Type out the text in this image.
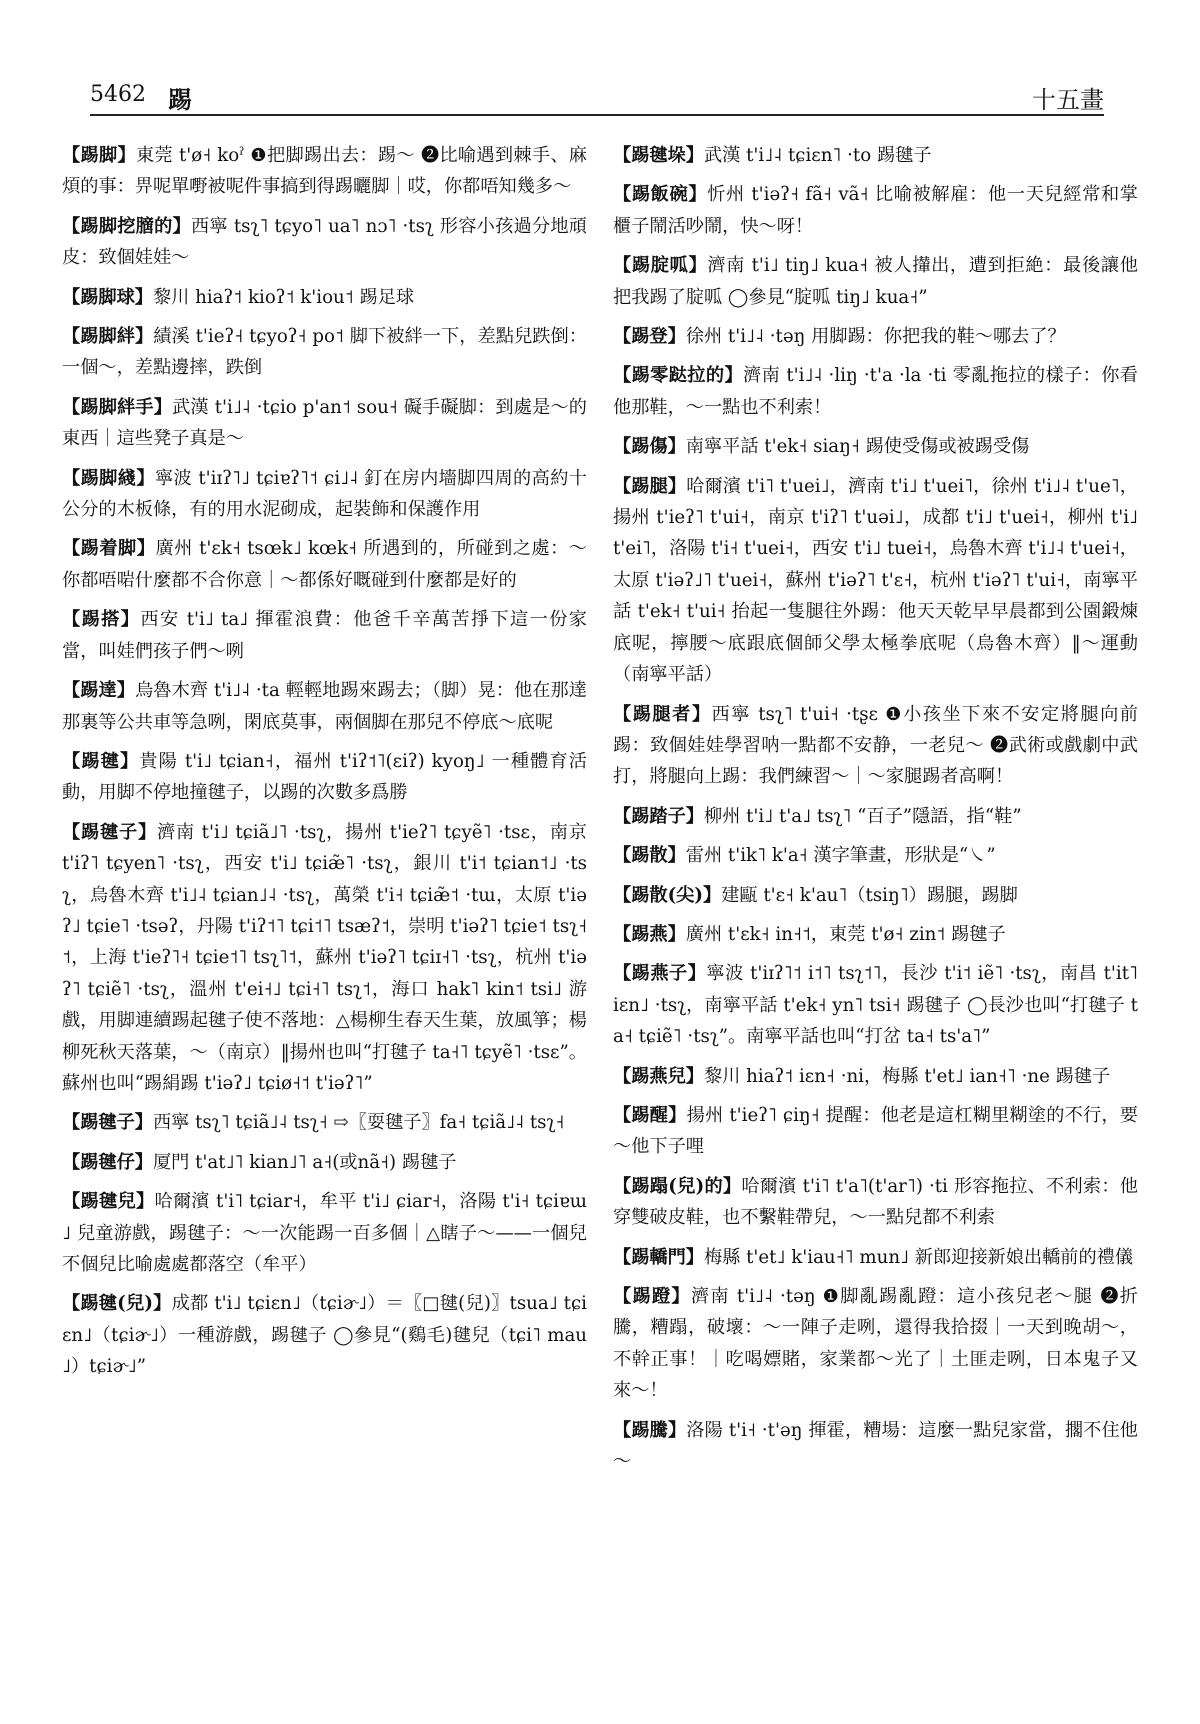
5462 踢	十五畫

【踢脚】東莞 t'ø˧ koˀ ❶把脚踢出去：踢～ ❷比喻遇到棘手、麻煩的事：畀呢單嘢被呢件事搞到得踢曬脚｜哎，你都唔知幾多～

【踢脚挖膪的】西寧 tsʅ˥ tɕyo˥ ua˥ nɔ˥ ·tsʅ 形容小孩過分地頑皮：致個娃娃～

【踢脚球】黎川 hiaʔ˦ kioʔ˦ k'iou˦ 踢足球

【踢脚絆】績溪 t'ieʔ˧ tɕyoʔ˧ po˦ 脚下被絆一下，差點兒跌倒：一個～，差點邊摔，跌倒

【踢脚絆手】武漢 t'i˩˨ ·tɕio p'an˦ sou˧ 礙手礙脚：到處是～的東西｜這些凳子真是～

【踢脚綫】寧波 t'iɪʔ˥˩ tɕiɐʔ˥˦ ɕi˩˨ 釘在房内墻脚四周的高約十公分的木板條，有的用水泥砌成，起裝飾和保護作用

【踢着脚】廣州 t'ɛk˧ tsœk˩ kœk˧ 所遇到的，所碰到之處：～你都唔啱什麼都不合你意｜～都係好嘅碰到什麼都是好的

【踢搭】西安 t'i˩ ta˩ 揮霍浪費：他爸千辛萬苦掙下這一份家當，叫娃們孩子們～咧

【踢達】烏魯木齊 t'i˩˨ ·ta 輕輕地踢來踢去；（脚）晃：他在那達那裏等公共車等急咧，閑底莫事，兩個脚在那兒不停底～底呢

【踢毽】貴陽 t'i˩ tɕian˧，福州 t'iʔ˦˥(ɛiʔ) kyoŋ˩ 一種體育活動，用脚不停地撞毽子，以踢的次數多爲勝

【踢毽子】濟南 t'i˩ tɕiã˩˥ ·tsʅ，揚州 t'ieʔ˥ tɕyẽ˥ ·tsɛ，南京 t'iʔ˥ tɕyen˥ ·tsʅ，西安 t'i˩ tɕiæ̃˥ ·tsʅ，銀川 t'i˦ tɕian˦˩ ·tsʅ，烏魯木齊 t'i˩˨ tɕian˩˨ ·tsʅ，萬榮 t'i˧ tɕiæ̃˦ ·tɯ，太原 t'iəʔ˩ tɕie˥ ·tsəʔ，丹陽 t'iʔ˦˥ tɕi˦˥ tsæʔ˦，崇明 t'iəʔ˥ tɕie˦ tsʅ˧˦，上海 t'ieʔ˥˧ tɕie˦˥ tsʅ˥˦，蘇州 t'iəʔ˥ tɕiɪ˧˥ ·tsʅ，杭州 t'iəʔ˥ tɕiẽ˥ ·tsʅ，溫州 t'ei˧˩ tɕi˧˥ tsʅ˦，海口 hak˥ kin˦ tsi˩ 游戲，用脚連續踢起毽子使不落地：△楊柳生春天生葉，放風箏；楊柳死秋天落葉，～（南京）‖揚州也叫“打毽子 ta˧˥ tɕyẽ˥ ·tsɛ”。蘇州也叫“踢絹踢 t'iəʔ˩ tɕiø˧˦ t'iəʔ˥”

【踢毽子】西寧 tsʅ˥ tɕiã˩˨ tsʅ˧ ⇨〖耍毽子〗fa˧ tɕiã˩˨ tsʅ˧

【踢毽仔】厦門 t'at˩˥ kian˩˥ a˧(或nã˧) 踢毽子

【踢毽兒】哈爾濱 t'i˥ tɕiar˧，牟平 t'i˩ ɕiar˧，洛陽 t'i˧ tɕiɐɯ˩ 兒童游戲，踢毽子：～一次能踢一百多個｜△瞎子～——一個兒不個兒比喻處處都落空（牟平）

【踢毽(兒)】成都 t'i˩ tɕiɛn˩（tɕiɚ˩）＝〖□毽(兒)〗tsua˩ tɕiɛn˩（tɕiɚ˩）一種游戲，踢毽子 ◯參見“(鷄毛)毽兒（tɕi˥ mau˩）tɕiɚ˩”

【踢毽垛】武漢 t'i˩˨ tɕiɛn˥ ·to 踢毽子

【踢飯碗】忻州 t'iəʔ˧ fã˧ vã˧ 比喻被解雇：他一天兒經常和掌櫃子鬧活吵鬧，快～呀！

【踢腚呱】濟南 t'i˩ tiŋ˩ kua˧ 被人攆出，遭到拒絶：最後讓他把我踢了腚呱 ◯參見“腚呱 tiŋ˩ kua˧”

【踢登】徐州 t'i˩˨ ·təŋ 用脚踢：你把我的鞋～哪去了？

【踢零跶拉的】濟南 t'i˩˨ ·liŋ ·t'a ·la ·ti 零亂拖拉的樣子：你看他那鞋，～一點也不利索！

【踢傷】南寧平話 t'ek˧ siaŋ˧ 踢使受傷或被踢受傷

【踢腿】哈爾濱 t'i˥ t'uei˩，濟南 t'i˩ t'uei˥，徐州 t'i˩˨ t'ue˥，揚州 t'ieʔ˥ t'ui˧，南京 t'iʔ˥ t'uəi˩，成都 t'i˩ t'uei˧，柳州 t'i˩ t'ei˥，洛陽 t'i˧ t'uei˧，西安 t'i˩ tuei˧，烏魯木齊 t'i˩˨ t'uei˧，太原 t'iəʔ˩˥ t'uei˧，蘇州 t'iəʔ˥ t'ɛ˧，杭州 t'iəʔ˥ t'ui˧，南寧平話 t'ek˧ t'ui˧ 抬起一隻腿往外踢：他天天乾早早晨都到公園鍛煉底呢，擰腰～底跟底個師父學太極拳底呢（烏魯木齊）‖～運動（南寧平話）

【踢腿者】西寧 tsʅ˥ t'ui˧ ·tʂɛ ❶小孩坐下來不安定將腿向前踢：致個娃娃學習呐一點都不安静，一老兒～ ❷武術或戲劇中武打，將腿向上踢：我們練習～｜～家腿踢者高啊！

【踢踏子】柳州 t'i˩ t'a˩ tsʅ˥ “百子”隱語，指“鞋”

【踢散】雷州 t'ik˥ k'a˧ 漢字筆畫，形狀是“㇏”

【踢散(尖)】建甌 t'ɛ˧ k'au˥（tsiŋ˥）踢腿，踢脚

【踢燕】廣州 t'ɛk˧ in˧˦，東莞 t'ø˧ zin˦ 踢毽子

【踢燕子】寧波 t'iɪʔ˥˦ i˦˥ tsʅ˦˥，長沙 t'i˦ iẽ˥ ·tsʅ，南昌 t'it˥ iɛn˩ ·tsʅ，南寧平話 t'ek˧ yn˥ tsi˧ 踢毽子 ◯長沙也叫“打毽子 ta˧ tɕiẽ˥ ·tsʅ”。南寧平話也叫“打岔 ta˧ ts'a˥”

【踢燕兒】黎川 hiaʔ˦ iɛn˧ ·ni，梅縣 t'et˩ ian˧˥ ·ne 踢毽子

【踢醒】揚州 t'ieʔ˥ ɕiŋ˧ 提醒：他老是這杠糊里糊塗的不行，要～他下子哩

【踢蹋(兒)的】哈爾濱 t'i˥ t'a˥(t'ar˥) ·ti 形容拖拉、不利索：他穿雙破皮鞋，也不繫鞋帶兒，～一點兒都不利索

【踢轎門】梅縣 t'et˩ k'iau˧˥ mun˩ 新郎迎接新娘出轎前的禮儀

【踢蹬】濟南 t'i˩˨ ·təŋ ❶脚亂踢亂蹬：這小孩兒老～腿 ❷折騰，糟蹋，破壞：～一陣子走咧，還得我拾掇｜一天到晚胡～，不幹正事！｜吃喝嫖賭，家業都～光了｜土匪走咧，日本鬼子又來～！

【踢騰】洛陽 t'i˧ ·t'əŋ 揮霍，糟場：這麼一點兒家當，擱不住他～
